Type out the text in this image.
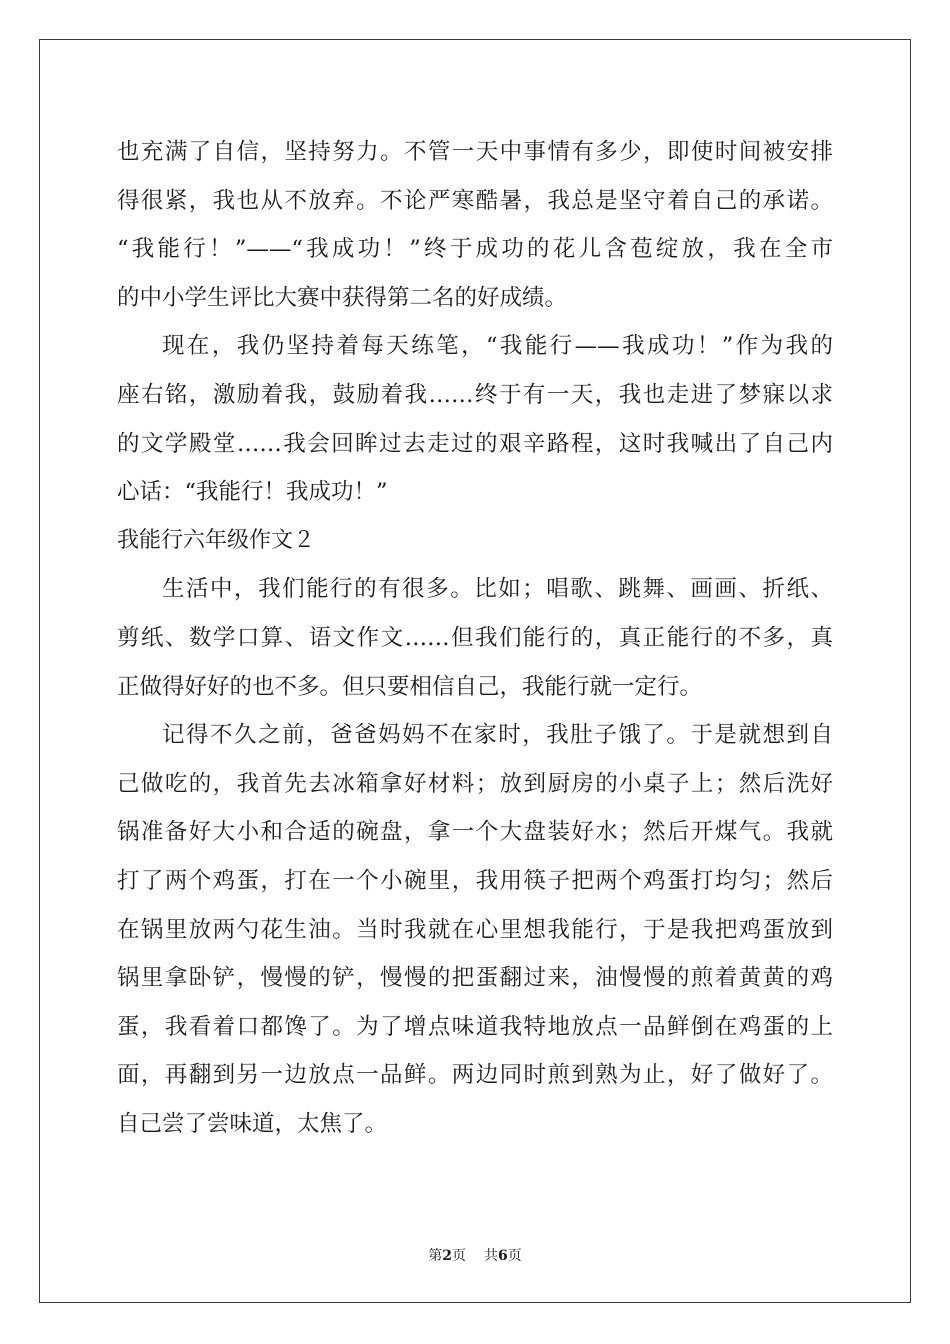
也充满了自信，坚持努力。不管一天中事情有多少，即使时间被安排
得很紧，我也从不放弃。不论严寒酷暑，我总是坚守着自己的承诺。
“我能行！”——“我成功！”终于成功的花儿含苞绽放，我在全市
的中小学生评比大赛中获得第二名的好成绩。
现在，我仍坚持着每天练笔，“我能行——我成功！”作为我的
座右铭，激励着我，鼓励着我……终于有一天，我也走进了梦寐以求
的文学殿堂……我会回眸过去走过的艰辛路程，这时我喊出了自己内
心话：“我能行！我成功！”
我能行六年级作文２
生活中，我们能行的有很多。比如；唱歌、跳舞、画画、折纸、
剪纸、数学口算、语文作文……但我们能行的，真正能行的不多，真
正做得好好的也不多。但只要相信自己，我能行就一定行。
记得不久之前，爸爸妈妈不在家时，我肚子饿了。于是就想到自
己做吃的，我首先去冰箱拿好材料；放到厨房的小桌子上；然后洗好
锅准备好大小和合适的碗盘，拿一个大盘装好水；然后开煤气。我就
打了两个鸡蛋，打在一个小碗里，我用筷子把两个鸡蛋打均匀；然后
在锅里放两勺花生油。当时我就在心里想我能行，于是我把鸡蛋放到
锅里拿卧铲，慢慢的铲，慢慢的把蛋翻过来，油慢慢的煎着黄黄的鸡
蛋，我看着口都馋了。为了增点味道我特地放点一品鲜倒在鸡蛋的上
面，再翻到另一边放点一品鲜。两边同时煎到熟为止，好了做好了。
自己尝了尝味道，太焦了。
第2页 共6页
